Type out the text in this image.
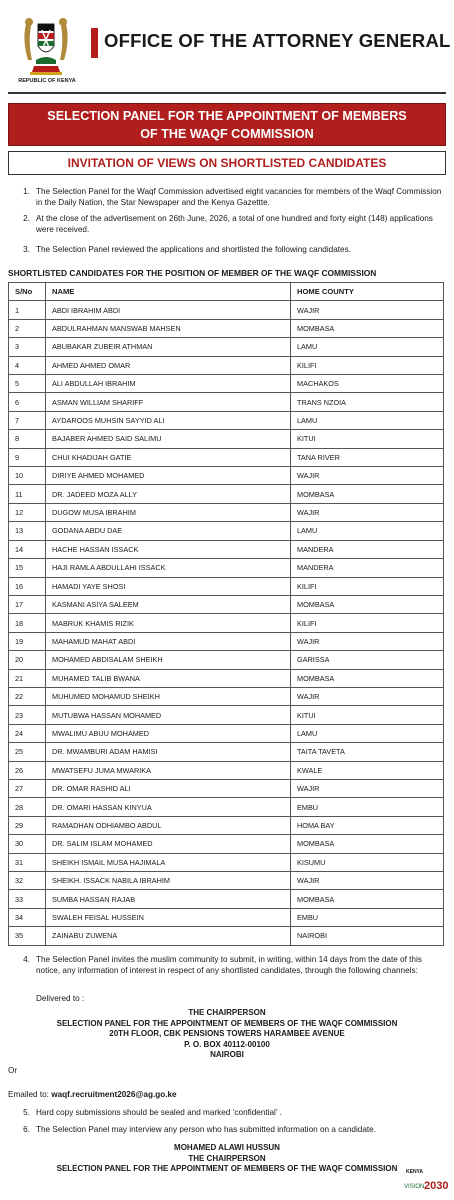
REPUBLIC OF KENYA
OFFICE OF THE ATTORNEY GENERAL
SELECTION PANEL FOR THE APPOINTMENT OF MEMBERS
OF THE WAQF COMMISSION
INVITATION OF VIEWS ON SHORTLISTED CANDIDATES
1. The Selection Panel for the Waqf Commission advertised eight vacancies for members of the Waqf Commission in the Daily Nation, the Star Newspaper and the Kenya Gazettte.
2. At the close of the advertisement on 26th June, 2026, a total of one hundred and forty eight (148) applications were received.
3. The Selection Panel reviewed the applications and shortlisted the following candidates.
SHORTLISTED CANDIDATES FOR THE POSITION OF MEMBER OF THE WAQF COMMISSION
S/No	NAME	HOME COUNTY
1	ABDI IBRAHIM ABDI	WAJIR
2	ABDULRAHMAN MANSWAB MAHSEN	MOMBASA
3	ABUBAKAR ZUBEIR ATHMAN	LAMU
4	AHMED AHMED OMAR	KILIFI
5	ALI ABDULLAH IBRAHIM	MACHAKOS
6	ASMAN WILLIAM SHARIFF	TRANS NZOIA
7	AYDAROOS MUHSIN SAYYID ALI	LAMU
8	BAJABER AHMED SAID SALIMU	KITUI
9	CHUI KHADIJAH GATIE	TANA RIVER
10	DIRIYE AHMED MOHAMED	WAJIR
11	DR. JADEED MOZA ALLY	MOMBASA
12	DUGOW MUSA IBRAHIM	WAJIR
13	GODANA ABDU DAE	LAMU
14	HACHE HASSAN ISSACK	MANDERA
15	HAJI RAMLA ABDULLAHI ISSACK	MANDERA
16	HAMADI YAYE SHOSI	KILIFI
17	KASMANI ASIYA SALEEM	MOMBASA
18	MABRUK KHAMIS RIZIK	KILIFI
19	MAHAMUD MAHAT ABDI	WAJIR
20	MOHAMED ABDISALAM SHEIKH	GARISSA
21	MUHAMED TALIB BWANA	MOMBASA
22	MUHUMED MOHAMUD SHEIKH	WAJIR
23	MUTUBWA HASSAN MOHAMED	KITUI
24	MWALIMU ABUU MOHAMED	LAMU
25	DR. MWAMBURI ADAM HAMISI	TAITA TAVETA
26	MWATSEFU JUMA MWARIKA	KWALE
27	DR. OMAR RASHID ALI	WAJIR
28	DR. OMARI HASSAN KINYUA	EMBU
29	RAMADHAN ODHIAMBO ABDUL	HOMA BAY
30	DR. SALIM ISLAM MOHAMED	MOMBASA
31	SHEIKH ISMAIL MUSA HAJIMALA	KISUMU
32	SHEIKH. ISSACK NABILA IBRAHIM	WAJIR
33	SUMBA HASSAN RAJAB	MOMBASA
34	SWALEH FEISAL HUSSEIN	EMBU
35	ZAINABU ZUWENA	NAIROBI
4. The Selection Panel invites the muslim community to submit, in writing, within 14 days from the date of this notice, any information of interest in respect of any shortlisted candidates, through the following channels:
Delivered to :
THE CHAIRPERSON
SELECTION PANEL FOR THE APPOINTMENT OF MEMBERS OF THE WAQF COMMISSION
20TH FLOOR, CBK PENSIONS TOWERS HARAMBEE AVENUE
P. O. BOX 40112-00100
NAIROBI
Or
Emailed to: waqf.recruitment2026@ag.go.ke
5. Hard copy submissions should be sealed and marked ‘confidential’ .
6. The Selection Panel may interview any person who has submitted information on a candidate.
MOHAMED ALAWI HUSSUN
THE CHAIRPERSON
SELECTION PANEL FOR THE APPOINTMENT OF MEMBERS OF THE WAQF COMMISSION	KENYA
VISION 2030
